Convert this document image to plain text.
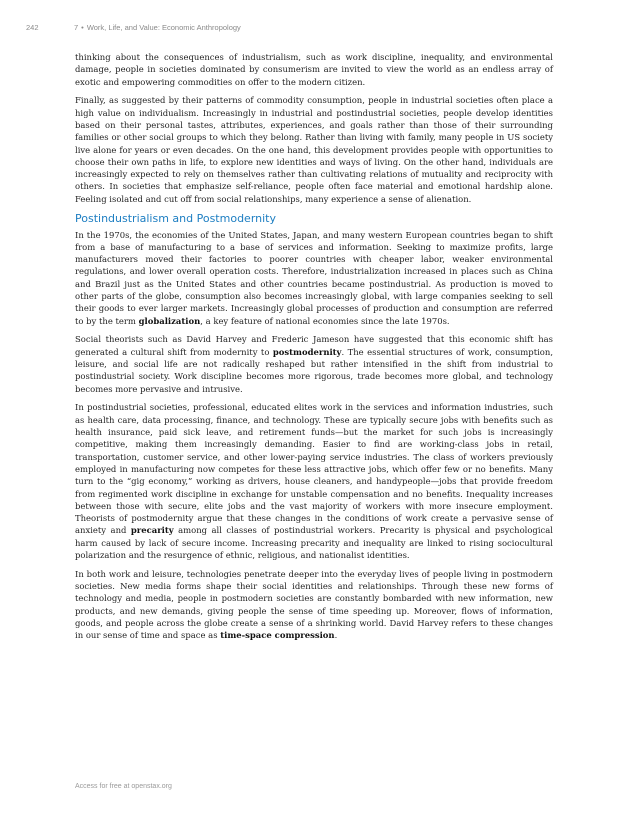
242	7 • Work, Life, and Value: Economic Anthropology

thinking about the consequences of industrialism, such as work discipline, inequality, and environmental damage, people in societies dominated by consumerism are invited to view the world as an endless array of exotic and empowering commodities on offer to the modern citizen.

Finally, as suggested by their patterns of commodity consumption, people in industrial societies often place a high value on individualism. Increasingly in industrial and postindustrial societies, people develop identities based on their personal tastes, attributes, experiences, and goals rather than those of their surrounding families or other social groups to which they belong. Rather than living with family, many people in US society live alone for years or even decades. On the one hand, this development provides people with opportunities to choose their own paths in life, to explore new identities and ways of living. On the other hand, individuals are increasingly expected to rely on themselves rather than cultivating relations of mutuality and reciprocity with others. In societies that emphasize self-reliance, people often face material and emotional hardship alone. Feeling isolated and cut off from social relationships, many experience a sense of alienation.

Postindustrialism and Postmodernity

In the 1970s, the economies of the United States, Japan, and many western European countries began to shift from a base of manufacturing to a base of services and information. Seeking to maximize profits, large manufacturers moved their factories to poorer countries with cheaper labor, weaker environmental regulations, and lower overall operation costs. Therefore, industrialization increased in places such as China and Brazil just as the United States and other countries became postindustrial. As production is moved to other parts of the globe, consumption also becomes increasingly global, with large companies seeking to sell their goods to ever larger markets. Increasingly global processes of production and consumption are referred to by the term globalization, a key feature of national economies since the late 1970s.

Social theorists such as David Harvey and Frederic Jameson have suggested that this economic shift has generated a cultural shift from modernity to postmodernity. The essential structures of work, consumption, leisure, and social life are not radically reshaped but rather intensified in the shift from industrial to postindustrial society. Work discipline becomes more rigorous, trade becomes more global, and technology becomes more pervasive and intrusive.

In postindustrial societies, professional, educated elites work in the services and information industries, such as health care, data processing, finance, and technology. These are typically secure jobs with benefits such as health insurance, paid sick leave, and retirement funds—but the market for such jobs is increasingly competitive, making them increasingly demanding. Easier to find are working-class jobs in retail, transportation, customer service, and other lower-paying service industries. The class of workers previously employed in manufacturing now competes for these less attractive jobs, which offer few or no benefits. Many turn to the “gig economy,” working as drivers, house cleaners, and handypeople—jobs that provide freedom from regimented work discipline in exchange for unstable compensation and no benefits. Inequality increases between those with secure, elite jobs and the vast majority of workers with more insecure employment. Theorists of postmodernity argue that these changes in the conditions of work create a pervasive sense of anxiety and precarity among all classes of postindustrial workers. Precarity is physical and psychological harm caused by lack of secure income. Increasing precarity and inequality are linked to rising sociocultural polarization and the resurgence of ethnic, religious, and nationalist identities.

In both work and leisure, technologies penetrate deeper into the everyday lives of people living in postmodern societies. New media forms shape their social identities and relationships. Through these new forms of technology and media, people in postmodern societies are constantly bombarded with new information, new products, and new demands, giving people the sense of time speeding up. Moreover, flows of information, goods, and people across the globe create a sense of a shrinking world. David Harvey refers to these changes in our sense of time and space as time-space compression.

Access for free at openstax.org
